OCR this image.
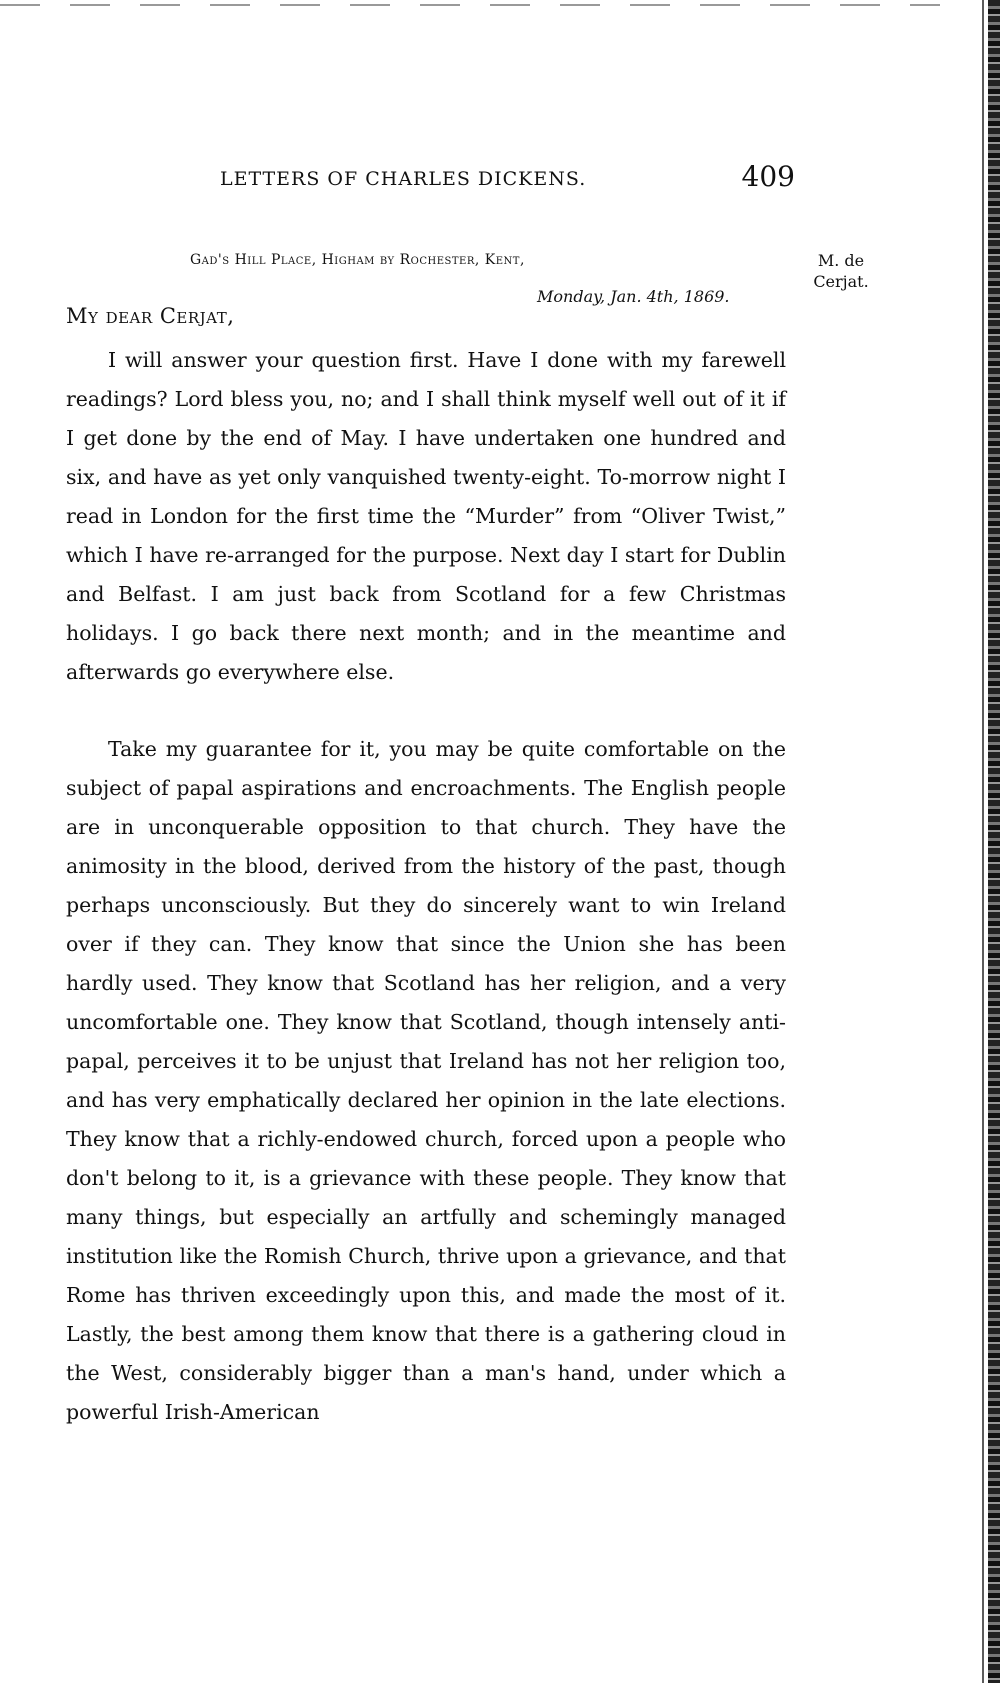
LETTERS OF CHARLES DICKENS.	409
Gad's Hill Place, Higham by Rochester, Kent,
Monday, Jan. 4th, 1869.
M. de
Cerjat.
My dear Cerjat,

I will answer your question first. Have I done with my farewell readings? Lord bless you, no; and I shall think myself well out of it if I get done by the end of May. I have undertaken one hundred and six, and have as yet only vanquished twenty-eight. To-morrow night I read in London for the first time the “Murder” from “Oliver Twist,” which I have re-arranged for the purpose. Next day I start for Dublin and Belfast. I am just back from Scotland for a few Christmas holidays. I go back there next month; and in the meantime and afterwards go everywhere else.

Take my guarantee for it, you may be quite comfortable on the subject of papal aspirations and encroachments. The English people are in unconquerable opposition to that church. They have the animosity in the blood, derived from the history of the past, though perhaps unconsciously. But they do sincerely want to win Ireland over if they can. They know that since the Union she has been hardly used. They know that Scotland has her religion, and a very uncomfortable one. They know that Scotland, though intensely anti-papal, perceives it to be unjust that Ireland has not her religion too, and has very emphatically declared her opinion in the late elections. They know that a richly-endowed church, forced upon a people who don't belong to it, is a grievance with these people. They know that many things, but especially an artfully and schemingly managed institution like the Romish Church, thrive upon a grievance, and that Rome has thriven exceedingly upon this, and made the most of it. Lastly, the best among them know that there is a gathering cloud in the West, considerably bigger than a man's hand, under which a powerful Irish-American
